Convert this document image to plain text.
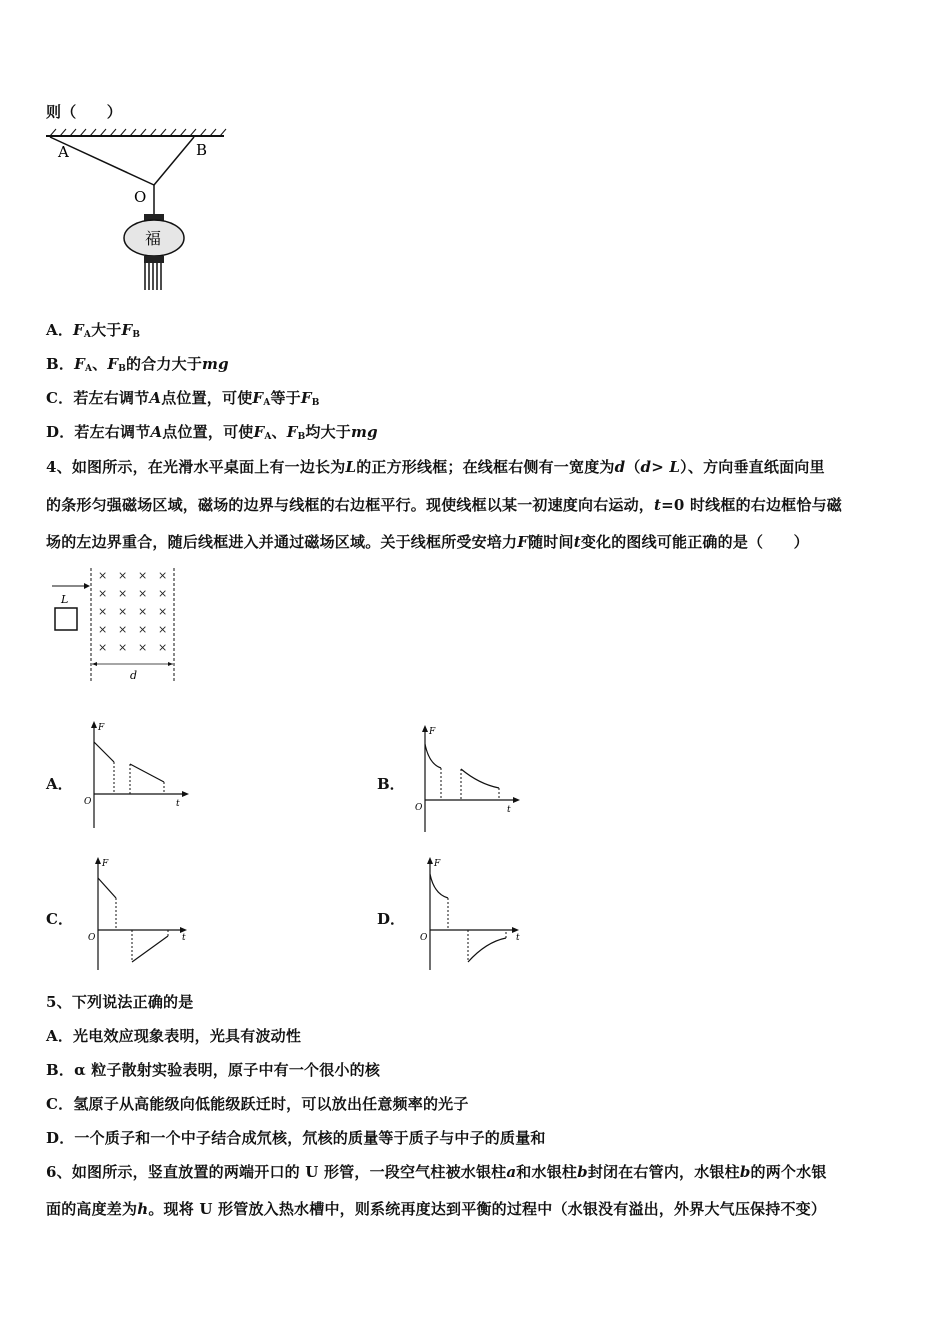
则（　　）
A	B
O
福
A．$F_A$大于$F_B$
B．$F_A$、$F_B$的合力大于mg
C．若左右调节A点位置，可使$F_A$等于$F_B$
D．若左右调节A点位置，可使$F_A$、$F_B$均大于mg
4、如图所示，在光滑水平桌面上有一边长为L的正方形线框；在线框右侧有一宽度为d（d> L）、方向垂直纸面向里
的条形匀强磁场区域，磁场的边界与线框的右边框平行。现使线框以某一初速度向右运动，t=0 时线框的右边框恰与磁
场的左边界重合，随后线框进入并通过磁场区域。关于线框所受安培力F随时间t变化的图线可能正确的是（　　）
L
× × × ×
× × × ×
× × × ×
× × × ×
× × × ×
d
A．	B．
C．	D．
F
O	t
F
O	t
F
O	t
F
O	t
5、下列说法正确的是
A．光电效应现象表明，光具有波动性
B．α 粒子散射实验表明，原子中有一个很小的核
C．氢原子从高能级向低能级跃迁时，可以放出任意频率的光子
D．一个质子和一个中子结合成氘核，氘核的质量等于质子与中子的质量和
6、如图所示，竖直放置的两端开口的 U 形管，一段空气柱被水银柱a和水银柱b封闭在右管内，水银柱b的两个水银
面的高度差为h。现将 U 形管放入热水槽中，则系统再度达到平衡的过程中（水银没有溢出，外界大气压保持不变）
